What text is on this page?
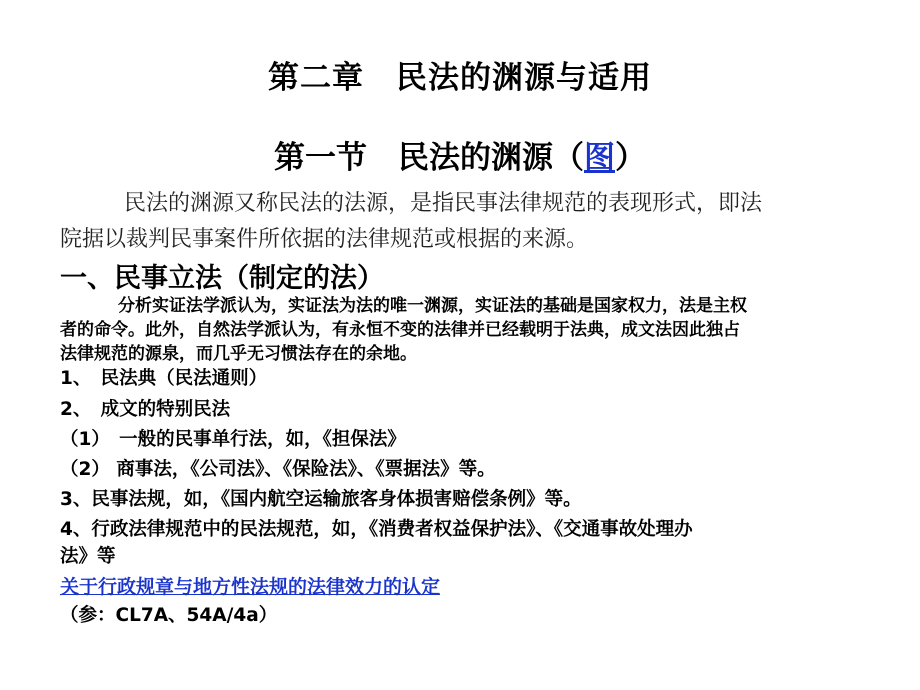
第二章　民法的渊源与适用
第一节　民法的渊源（图）
民法的渊源又称民法的法源，是指民事法律规范的表现形式，即法
院据以裁判民事案件所依据的法律规范或根据的来源。
一、民事立法（制定的法）
分析实证法学派认为，实证法为法的唯一渊源，实证法的基础是国家权力，法是主权
者的命令。此外，自然法学派认为，有永恒不变的法律并已经载明于法典，成文法因此独占
法律规范的源泉，而几乎无习惯法存在的余地。
1、　民法典（民法通则）
2、　成文的特别民法
（1）　一般的民事单行法，如，《担保法》
（2） 商事法，《公司法》、《保险法》、《票据法》等。
3、民事法规，如，《国内航空运输旅客身体损害赔偿条例》等。
4、行政法律规范中的民法规范，如，《消费者权益保护法》、《交通事故处理办
法》等
关于行政规章与地方性法规的法律效力的认定
（参：CL7A、54A/4a）
